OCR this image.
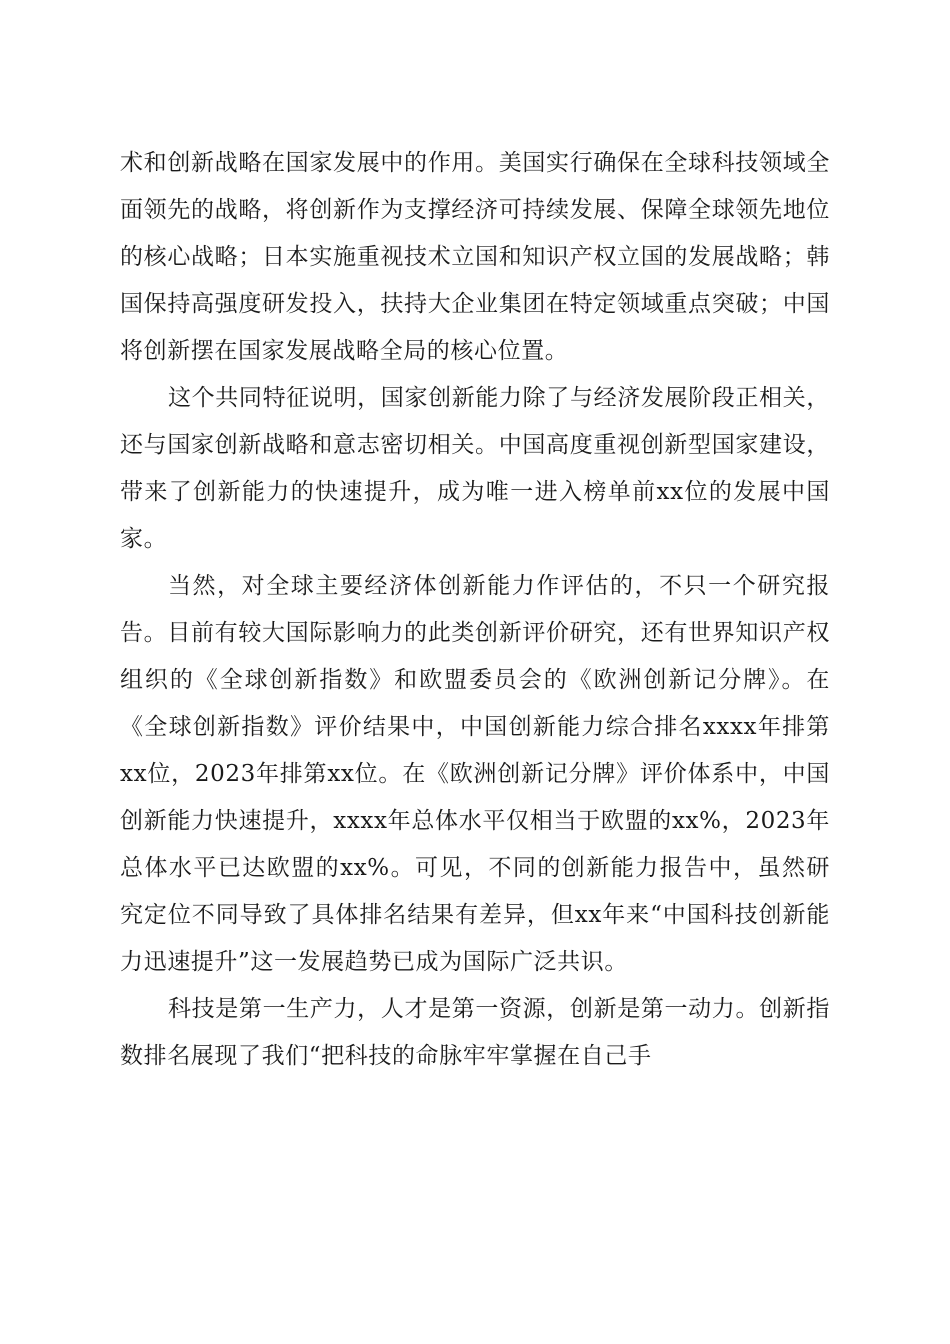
术和创新战略在国家发展中的作用。美国实行确保在全球科技领域全面领先的战略，将创新作为支撑经济可持续发展、保障全球领先地位的核心战略；日本实施重视技术立国和知识产权立国的发展战略；韩国保持高强度研发投入，扶持大企业集团在特定领域重点突破；中国将创新摆在国家发展战略全局的核心位置。

这个共同特征说明，国家创新能力除了与经济发展阶段正相关，还与国家创新战略和意志密切相关。中国高度重视创新型国家建设，带来了创新能力的快速提升，成为唯一进入榜单前xx位的发展中国家。

当然，对全球主要经济体创新能力作评估的，不只一个研究报告。目前有较大国际影响力的此类创新评价研究，还有世界知识产权组织的《全球创新指数》和欧盟委员会的《欧洲创新记分牌》。在《全球创新指数》评价结果中，中国创新能力综合排名xxxx年排第xx位，2023年排第xx位。在《欧洲创新记分牌》评价体系中，中国创新能力快速提升，xxxx年总体水平仅相当于欧盟的xx%，2023年总体水平已达欧盟的xx%。可见，不同的创新能力报告中，虽然研究定位不同导致了具体排名结果有差异，但xx年来“中国科技创新能力迅速提升”这一发展趋势已成为国际广泛共识。

科技是第一生产力，人才是第一资源，创新是第一动力。创新指数排名展现了我们“把科技的命脉牢牢掌握在自己手
